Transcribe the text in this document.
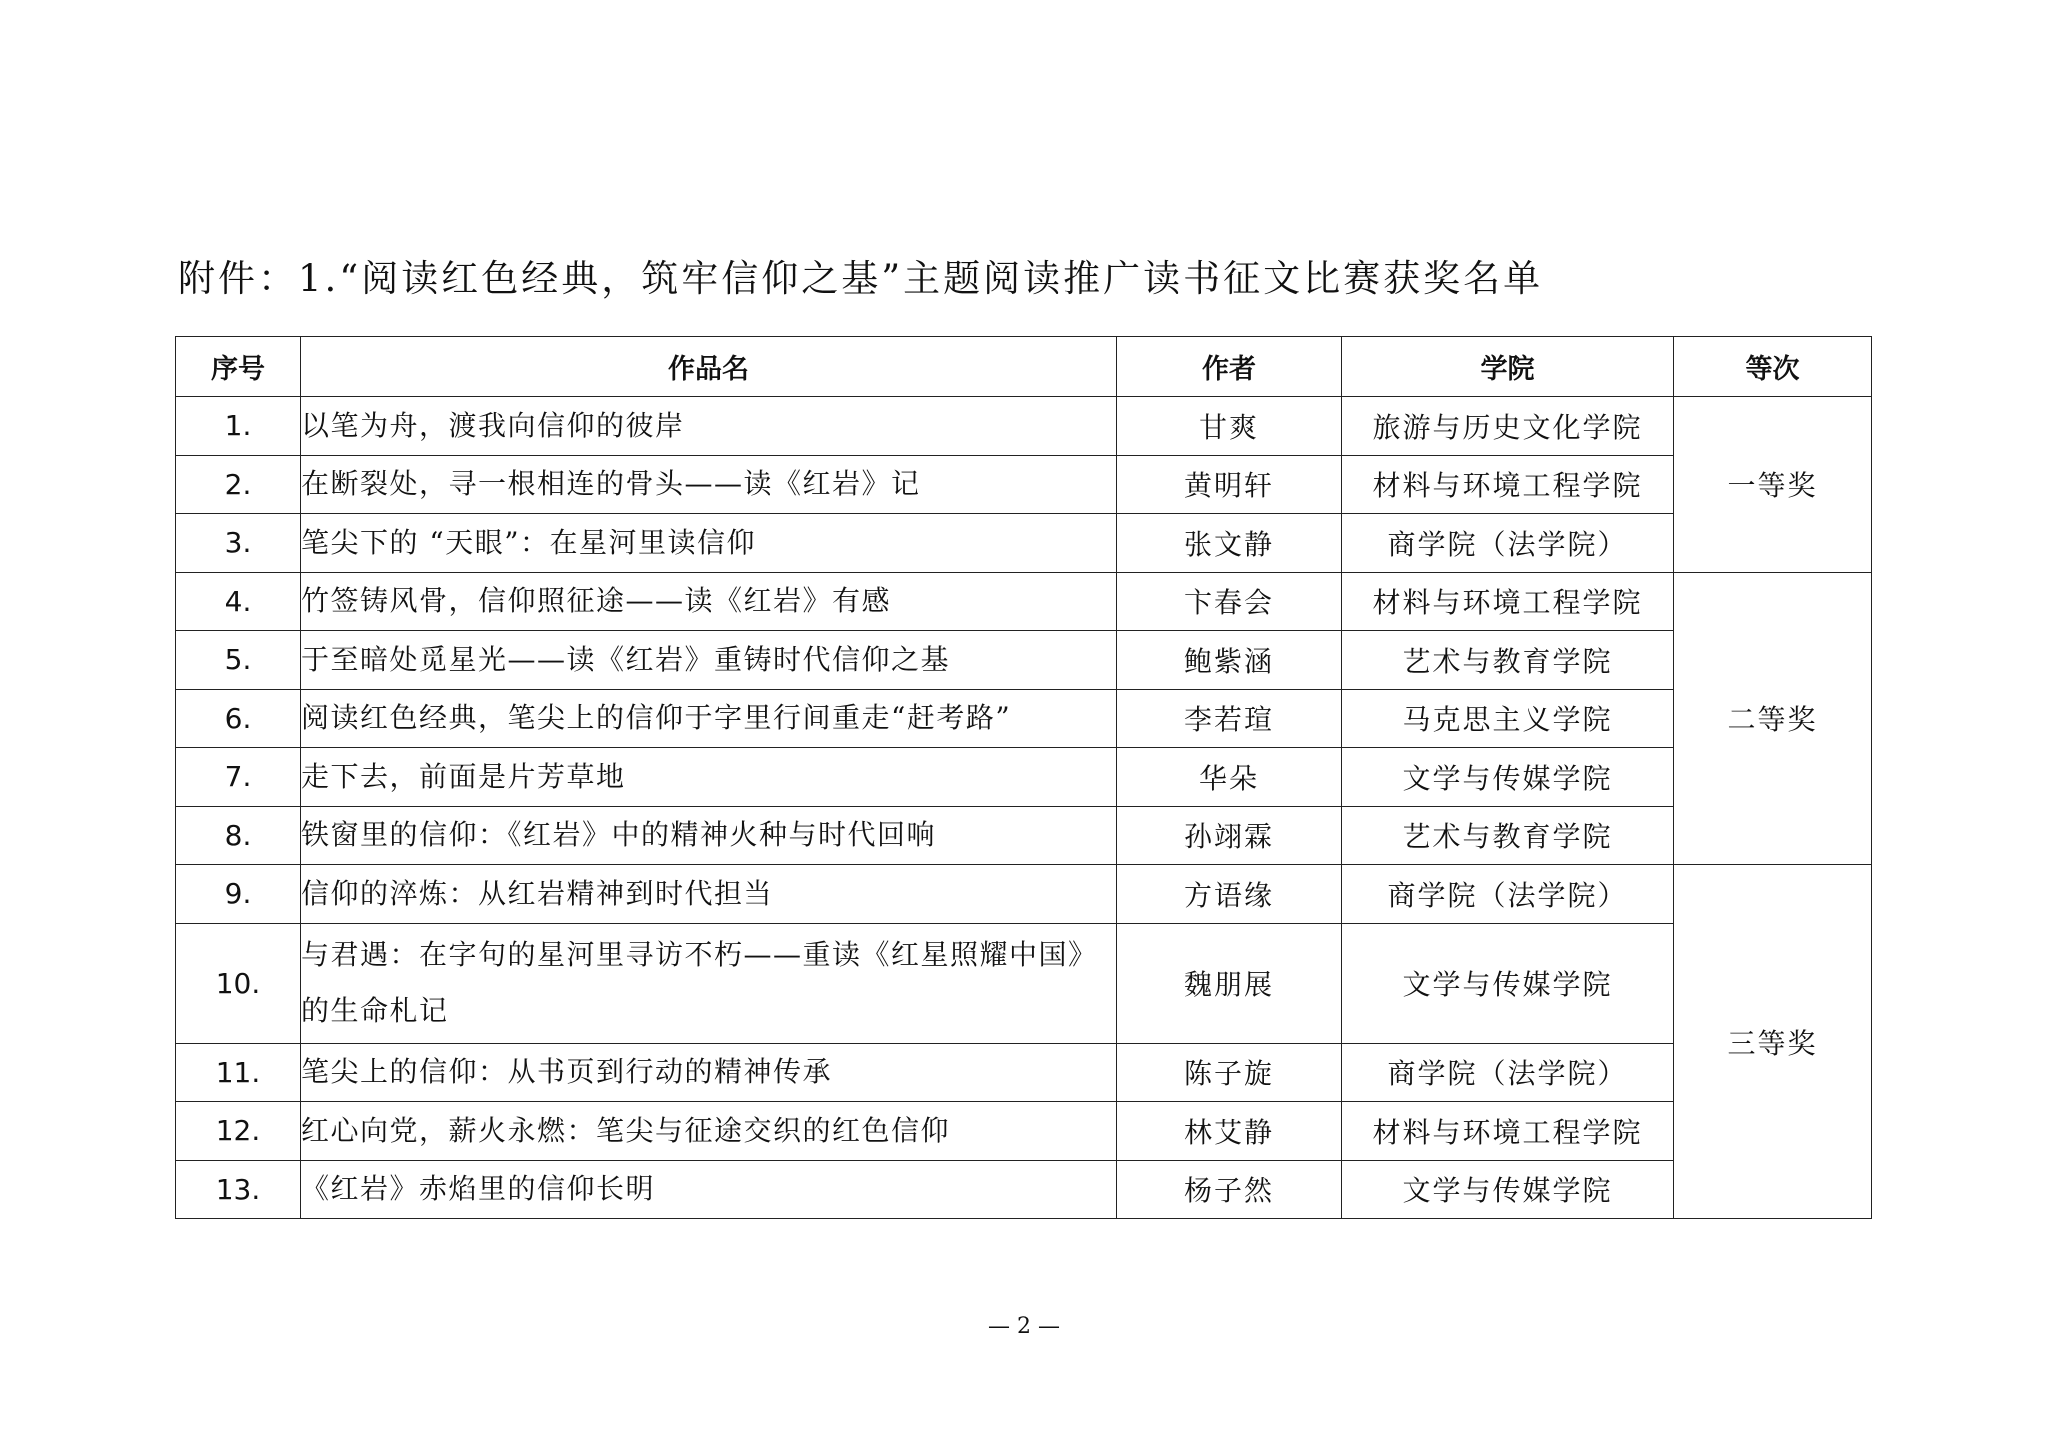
附件：1.“阅读红色经典，筑牢信仰之基”主题阅读推广读书征文比赛获奖名单
序号	作品名	作者	学院	等次
1.	以笔为舟，渡我向信仰的彼岸	甘爽	旅游与历史文化学院	一等奖
2.	在断裂处，寻一根相连的骨头——读《红岩》记	黄明轩	材料与环境工程学院	
3.	笔尖下的 “天眼”：在星河里读信仰	张文静	商学院（法学院）	
4.	竹签铸风骨，信仰照征途——读《红岩》有感	卞春会	材料与环境工程学院	二等奖
5.	于至暗处觅星光——读《红岩》重铸时代信仰之基	鲍紫涵	艺术与教育学院	
6.	阅读红色经典，笔尖上的信仰于字里行间重走“赶考路”	李若瑄	马克思主义学院	
7.	走下去，前面是片芳草地	华朵	文学与传媒学院	
8.	铁窗里的信仰：《红岩》中的精神火种与时代回响	孙翊霖	艺术与教育学院	
9.	信仰的淬炼：从红岩精神到时代担当	方语缘	商学院（法学院）	三等奖
10.	与君遇：在字句的星河里寻访不朽——重读《红星照耀中国》的生命札记	魏朋展	文学与传媒学院	
11.	笔尖上的信仰：从书页到行动的精神传承	陈子旋	商学院（法学院）	
12.	红心向党，薪火永燃：笔尖与征途交织的红色信仰	林艾静	材料与环境工程学院	
13.	《红岩》赤焰里的信仰长明	杨子然	文学与传媒学院	
— 2 —
